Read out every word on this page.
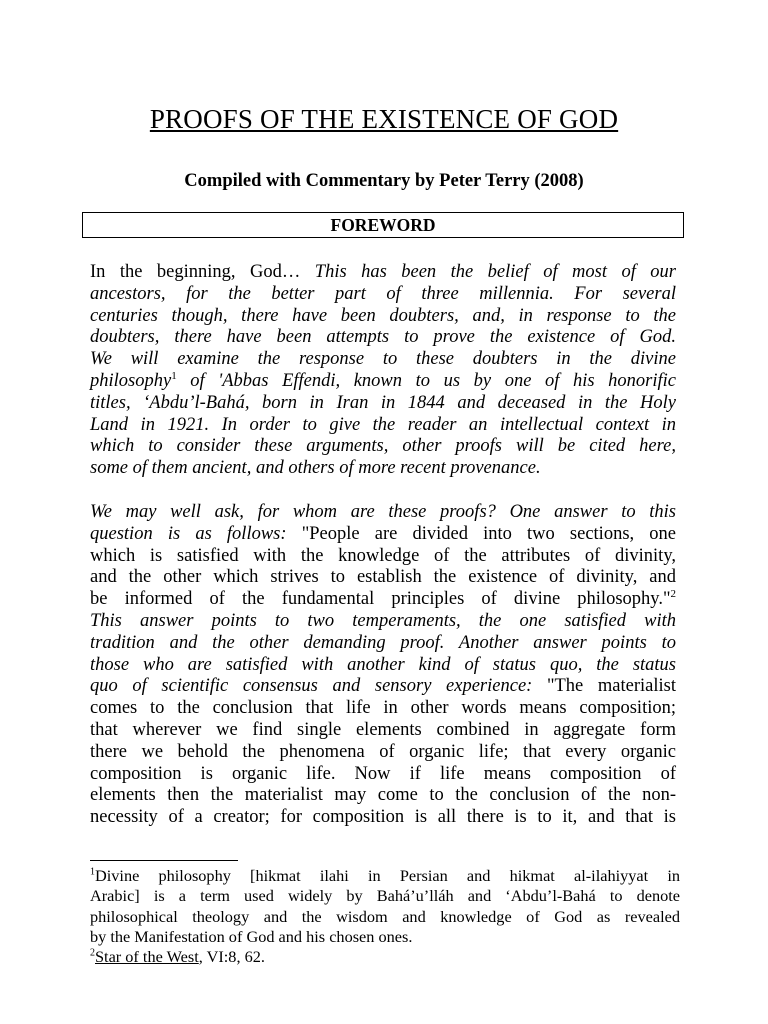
PROOFS OF THE EXISTENCE OF GOD
Compiled with Commentary by Peter Terry (2008)
FOREWORD
In the beginning, God… This has been the belief of most of our
ancestors, for the better part of three millennia. For several
centuries though, there have been doubters, and, in response to the
doubters, there have been attempts to prove the existence of God.
We will examine the response to these doubters in the divine
philosophy$^1$ of 'Abbas Effendi, known to us by one of his honorific
titles, ‘Abdu’l-Bahá, born in Iran in 1844 and deceased in the Holy
Land in 1921. In order to give the reader an intellectual context in
which to consider these arguments, other proofs will be cited here,
some of them ancient, and others of more recent provenance.
We may well ask, for whom are these proofs? One answer to this
question is as follows: "People are divided into two sections, one
which is satisfied with the knowledge of the attributes of divinity,
and the other which strives to establish the existence of divinity, and
be informed of the fundamental principles of divine philosophy."$^2$
This answer points to two temperaments, the one satisfied with
tradition and the other demanding proof. Another answer points to
those who are satisfied with another kind of status quo, the status
quo of scientific consensus and sensory experience: "The materialist
comes to the conclusion that life in other words means composition;
that wherever we find single elements combined in aggregate form
there we behold the phenomena of organic life; that every organic
composition is organic life. Now if life means composition of
elements then the materialist may come to the conclusion of the non-
necessity of a creator; for composition is all there is to it, and that is
$^1$Divine philosophy [hikmat ilahi in Persian and hikmat al-ilahiyyat in
Arabic] is a term used widely by Bahá’u’lláh and ‘Abdu’l-Bahá to denote
philosophical theology and the wisdom and knowledge of God as revealed
by the Manifestation of God and his chosen ones.
$^2$Star of the West, VI:8, 62.
